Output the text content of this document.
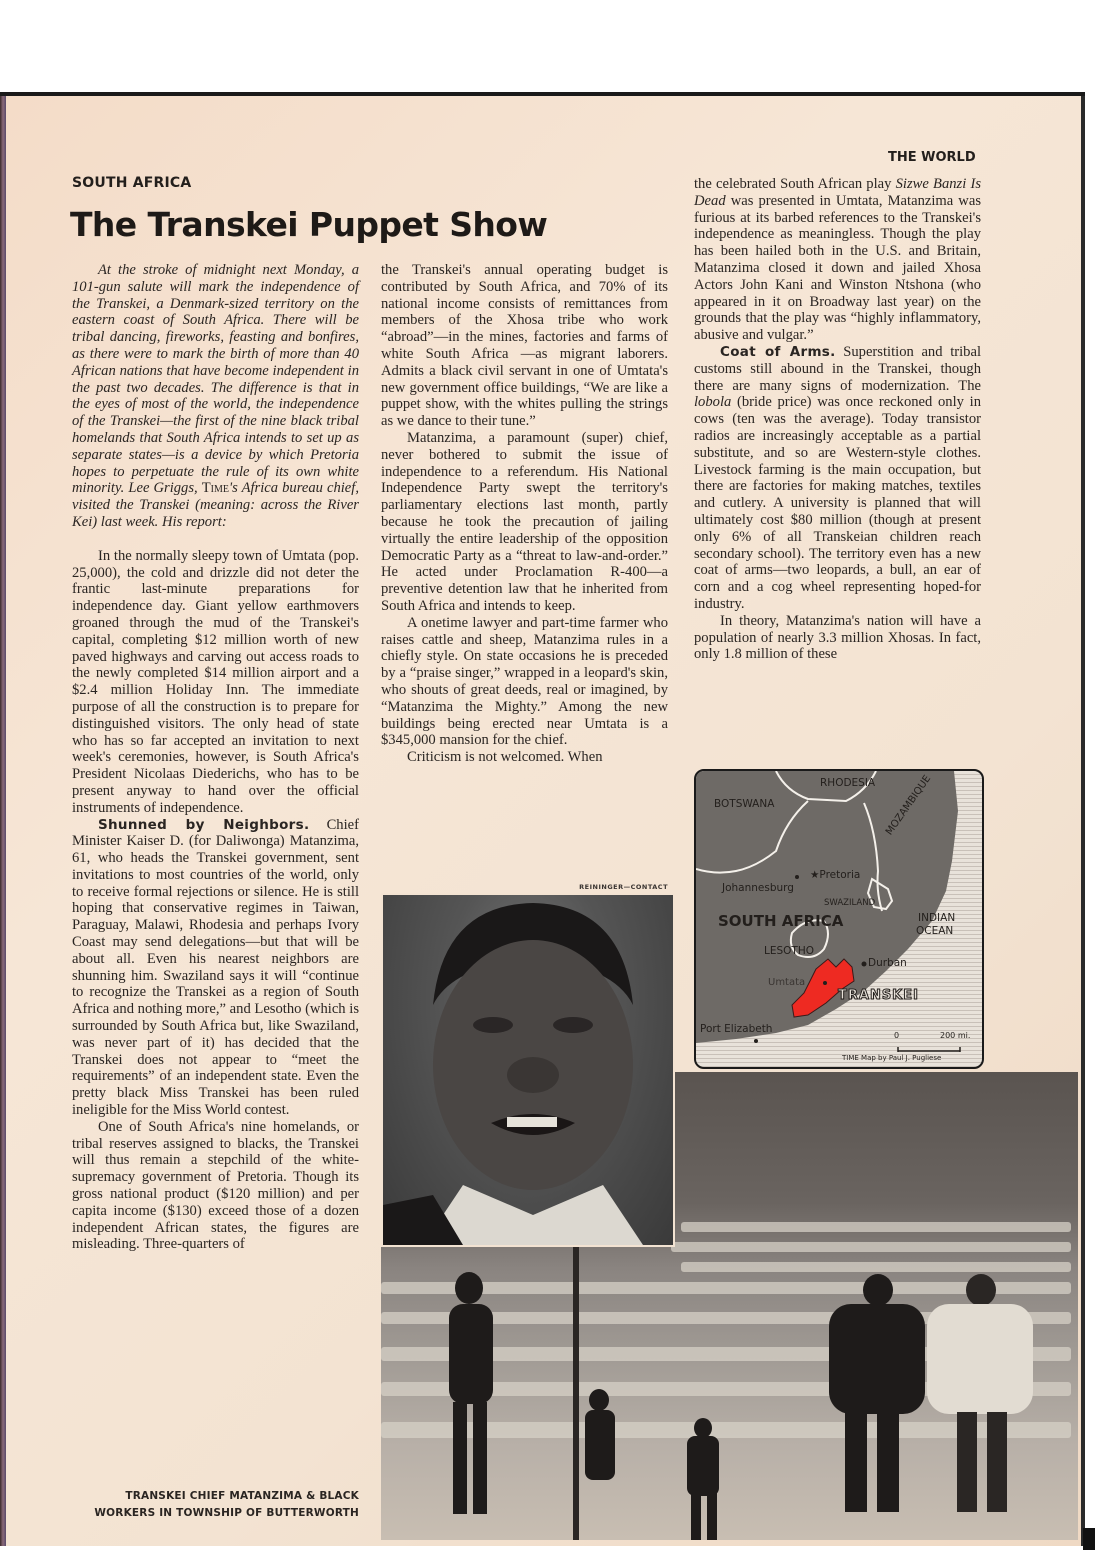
SOUTH AFRICA
THE WORLD
The Transkei Puppet Show

At the stroke of midnight next Monday, a 101-gun salute will mark the independence of the Transkei, a Denmark-sized territory on the eastern coast of South Africa. There will be tribal dancing, fireworks, feasting and bonfires, as there were to mark the birth of more than 40 African nations that have become independent in the past two decades. The difference is that in the eyes of most of the world, the independence of the Transkei—the first of the nine black tribal homelands that South Africa intends to set up as separate states—is a device by which Pretoria hopes to perpetuate the rule of its own white minority. Lee Griggs, Time's Africa bureau chief, visited the Transkei (meaning: across the River Kei) last week. His report:

In the normally sleepy town of Umtata (pop. 25,000), the cold and drizzle did not deter the frantic last-minute preparations for independence day. Giant yellow earthmovers groaned through the mud of the Transkei's capital, completing $12 million worth of new paved highways and carving out access roads to the newly completed $14 million airport and a $2.4 million Holiday Inn. The immediate purpose of all the construction is to prepare for distinguished visitors. The only head of state who has so far accepted an invitation to next week's ceremonies, however, is South Africa's President Nicolaas Diederichs, who has to be present anyway to hand over the official instruments of independence.

Shunned by Neighbors. Chief Minister Kaiser D. (for Daliwonga) Matanzima, 61, who heads the Transkei government, sent invitations to most countries of the world, only to receive formal rejections or silence. He is still hoping that conservative regimes in Taiwan, Paraguay, Malawi, Rhodesia and perhaps Ivory Coast may send delegations—but that will be about all. Even his nearest neighbors are shunning him. Swaziland says it will “continue to recognize the Transkei as a region of South Africa and nothing more,” and Lesotho (which is surrounded by South Africa but, like Swaziland, was never part of it) has decided that the Transkei does not appear to “meet the requirements” of an independent state. Even the pretty black Miss Transkei has been ruled ineligible for the Miss World contest.

One of South Africa's nine homelands, or tribal reserves assigned to blacks, the Transkei will thus remain a stepchild of the white-supremacy government of Pretoria. Though its gross national product ($120 million) and per capita income ($130) exceed those of a dozen independent African states, the figures are misleading. Three-quarters of

the Transkei's annual operating budget is contributed by South Africa, and 70% of its national income consists of remittances from members of the Xhosa tribe who work “abroad”—in the mines, factories and farms of white South Africa —as migrant laborers. Admits a black civil servant in one of Umtata's new government office buildings, “We are like a puppet show, with the whites pulling the strings as we dance to their tune.”

Matanzima, a paramount (super) chief, never bothered to submit the issue of independence to a referendum. His National Independence Party swept the territory's parliamentary elections last month, partly because he took the precaution of jailing virtually the entire leadership of the opposition Democratic Party as a “threat to law-and-order.” He acted under Proclamation R-400—a preventive detention law that he inherited from South Africa and intends to keep.

A onetime lawyer and part-time farmer who raises cattle and sheep, Matanzima rules in a chiefly style. On state occasions he is preceded by a “praise singer,” wrapped in a leopard's skin, who shouts of great deeds, real or imagined, by “Matanzima the Mighty.” Among the new buildings being erected near Umtata is a $345,000 mansion for the chief.

Criticism is not welcomed. When

the celebrated South African play Sizwe Banzi Is Dead was presented in Umtata, Matanzima was furious at its barbed references to the Transkei's independence as meaningless. Though the play has been hailed both in the U.S. and Britain, Matanzima closed it down and jailed Xhosa Actors John Kani and Winston Ntshona (who appeared in it on Broadway last year) on the grounds that the play was “highly inflammatory, abusive and vulgar.”

Coat of Arms. Superstition and tribal customs still abound in the Transkei, though there are many signs of modernization. The lobola (bride price) was once reckoned only in cows (ten was the average). Today transistor radios are increasingly acceptable as a partial substitute, and so are Western-style clothes. Livestock farming is the main occupation, but there are factories for making matches, textiles and cutlery. A university is planned that will ultimately cost $80 million (though at present only 6% of all Transkeian children reach secondary school). The territory even has a new coat of arms—two leopards, a bull, an ear of corn and a cog wheel representing hoped-for industry.

In theory, Matanzima's nation will have a population of nearly 3.3 million Xhosas. In fact, only 1.8 million of these

RHODESIA
BOTSWANA	MOZAMBIQUE
★Pretoria
Johannesburg
SWAZILAND
SOUTH AFRICA	INDIAN
OCEAN
LESOTHO
Durban
Umtata
TRANSKEI
Port Elizabeth
0	200 mi.
TIME Map by Paul J. Pugliese
REININGER—CONTACT
TRANSKEI CHIEF MATANZIMA & BLACK
WORKERS IN TOWNSHIP OF BUTTERWORTH
